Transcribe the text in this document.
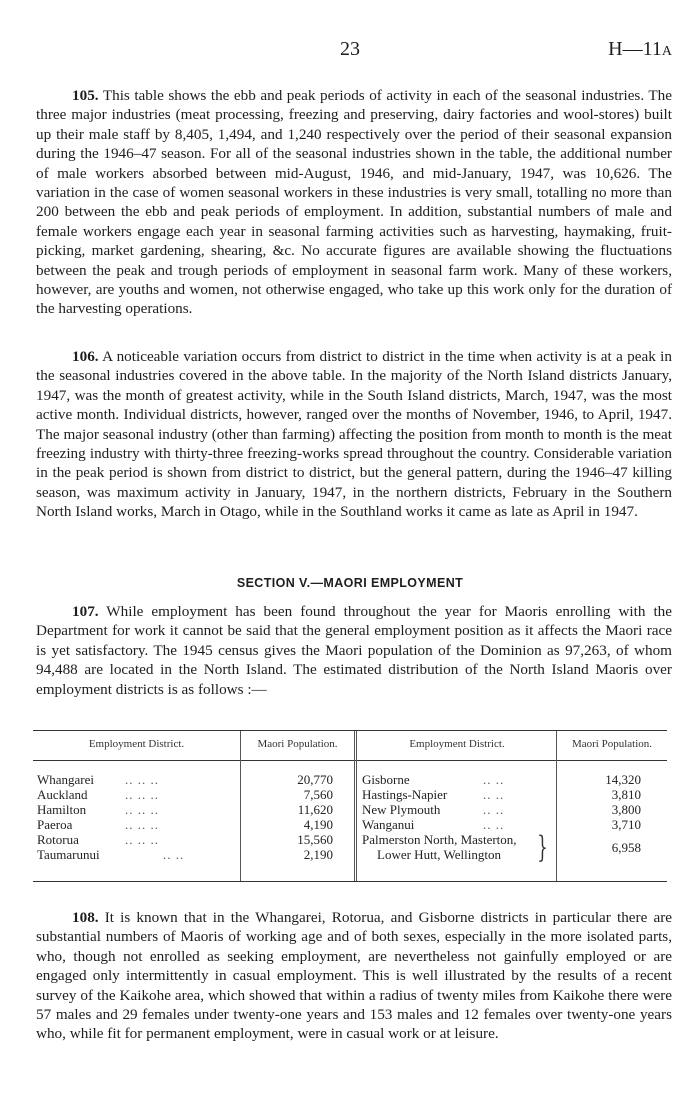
23	H—11A

105. This table shows the ebb and peak periods of activity in each of the seasonal industries. The three major industries (meat processing, freezing and preserving, dairy factories and wool-stores) built up their male staff by 8,405, 1,494, and 1,240 respectively over the period of their seasonal expansion during the 1946–47 season. For all of the seasonal industries shown in the table, the additional number of male workers absorbed between mid-August, 1946, and mid-January, 1947, was 10,626. The variation in the case of women seasonal workers in these industries is very small, totalling no more than 200 between the ebb and peak periods of employment. In addition, substantial numbers of male and female workers engage each year in seasonal farming activities such as harvesting, haymaking, fruit-picking, market gardening, shearing, &c. No accurate figures are available showing the fluctuations between the peak and trough periods of employment in seasonal farm work. Many of these workers, however, are youths and women, not otherwise engaged, who take up this work only for the duration of the harvesting operations.

106. A noticeable variation occurs from district to district in the time when activity is at a peak in the seasonal industries covered in the above table. In the majority of the North Island districts January, 1947, was the month of greatest activity, while in the South Island districts, March, 1947, was the most active month. Individual districts, however, ranged over the months of November, 1946, to April, 1947. The major seasonal industry (other than farming) affecting the position from month to month is the meat freezing industry with thirty-three freezing-works spread throughout the country. Considerable variation in the peak period is shown from district to district, but the general pattern, during the 1946–47 killing season, was maximum activity in January, 1947, in the northern districts, February in the Southern North Island works, March in Otago, while in the Southland works it came as late as April in 1947.

SECTION V.—MAORI EMPLOYMENT

107. While employment has been found throughout the year for Maoris enrolling with the Department for work it cannot be said that the general employment position as it affects the Maori race is yet satisfactory. The 1945 census gives the Maori population of the Dominion as 97,263, of whom 94,488 are located in the North Island. The estimated distribution of the North Island Maoris over employment districts is as follows :—

Employment District.	Maori Population.	Employment District.	Maori Population.
Whangarei .. .. ..	20,770
Auckland	.. .. ..	7,560
Hamilton	.. .. ..	11,620
Paeroa	.. .. ..	4,190
Rotorua	.. .. ..	15,560
Taumarunui	.. ..	2,190
Gisborne	.. ..	14,320
Hastings-Napier	.. ..	3,810
New Plymouth	.. ..	3,800
Wanganui	.. ..	3,710
Palmerston North, Masterton,
Lower Hutt, Wellington }	6,958

108. It is known that in the Whangarei, Rotorua, and Gisborne districts in particular there are substantial numbers of Maoris of working age and of both sexes, especially in the more isolated parts, who, though not enrolled as seeking employment, are nevertheless not gainfully employed or are engaged only intermittently in casual employment. This is well illustrated by the results of a recent survey of the Kaikohe area, which showed that within a radius of twenty miles from Kaikohe there were 57 males and 29 females under twenty-one years and 153 males and 12 females over twenty-one years who, while fit for permanent employment, were in casual work or at leisure.
